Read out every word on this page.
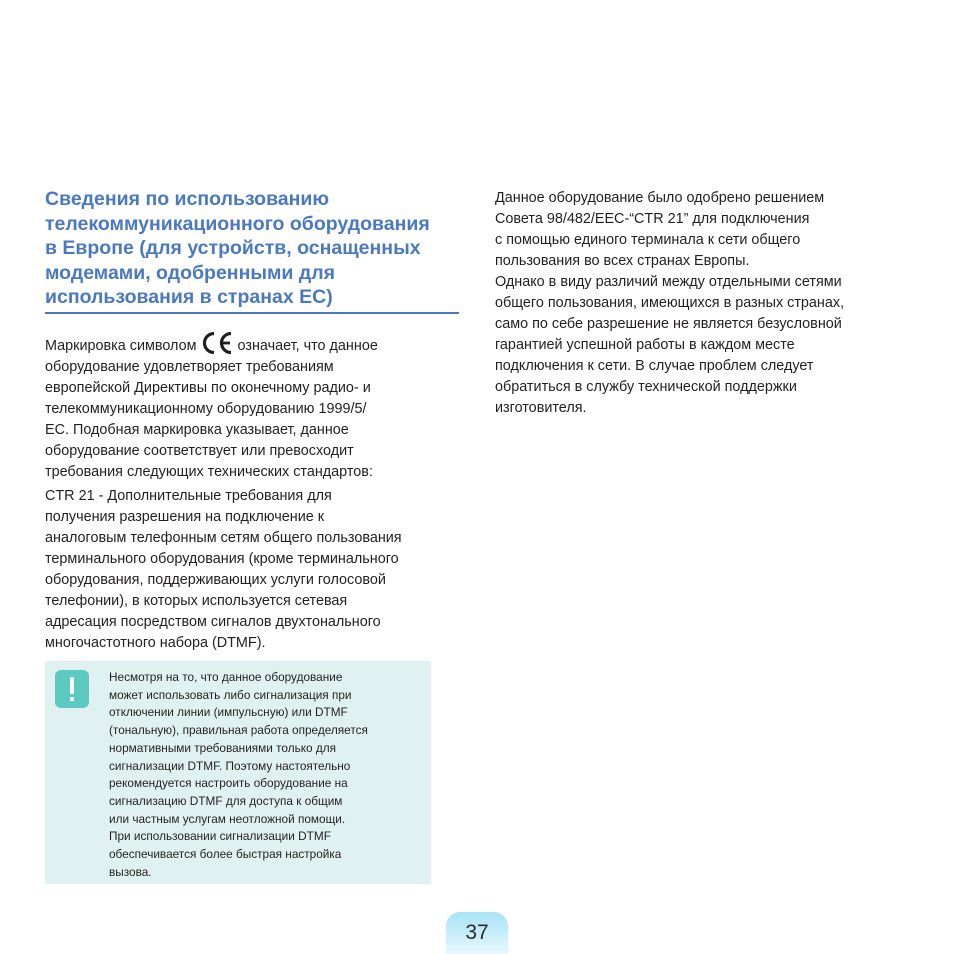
Сведения по использованию
телекоммуникационного оборудования
в Европе (для устройств, оснащенных
модемами, одобренными для
использования в странах ЕС)
Маркировка символом	означает, что данное
оборудование удовлетворяет требованиям
европейской Директивы по оконечному радио- и
телекоммуникационному оборудованию 1999/5/
ЕС. Подобная маркировка указывает, данное
оборудование соответствует или превосходит
требования следующих технических стандартов:
CTR 21 - Дополнительные требования для
получения разрешения на подключение к
аналоговым телефонным сетям общего пользования
терминального оборудования (кроме терминального
оборудования, поддерживающих услуги голосовой
телефонии), в которых используется сетевая
адресация посредством сигналов двухтонального
многочастотного набора (DTMF).
Несмотря на то, что данное оборудование
может использовать либо сигнализация при
отключении линии (импульсную) или DTMF
(тональную), правильная работа определяется
нормативными требованиями только для
сигнализации DTMF. Поэтому настоятельно
рекомендуется настроить оборудование на
сигнализацию DTMF для доступа к общим
или частным услугам неотложной помощи.
При использовании сигнализации DTMF
обеспечивается более быстрая настройка
вызова.
Данное оборудование было одобрено решением
Совета 98/482/EEC-“CTR 21” для подключения
с помощью единого терминала к сети общего
пользования во всех странах Европы.
Однако в виду различий между отдельными сетями
общего пользования, имеющихся в разных странах,
само по себе разрешение не является безусловной
гарантией успешной работы в каждом месте
подключения к сети. В случае проблем следует
обратиться в службу технической поддержки
изготовителя.
37
